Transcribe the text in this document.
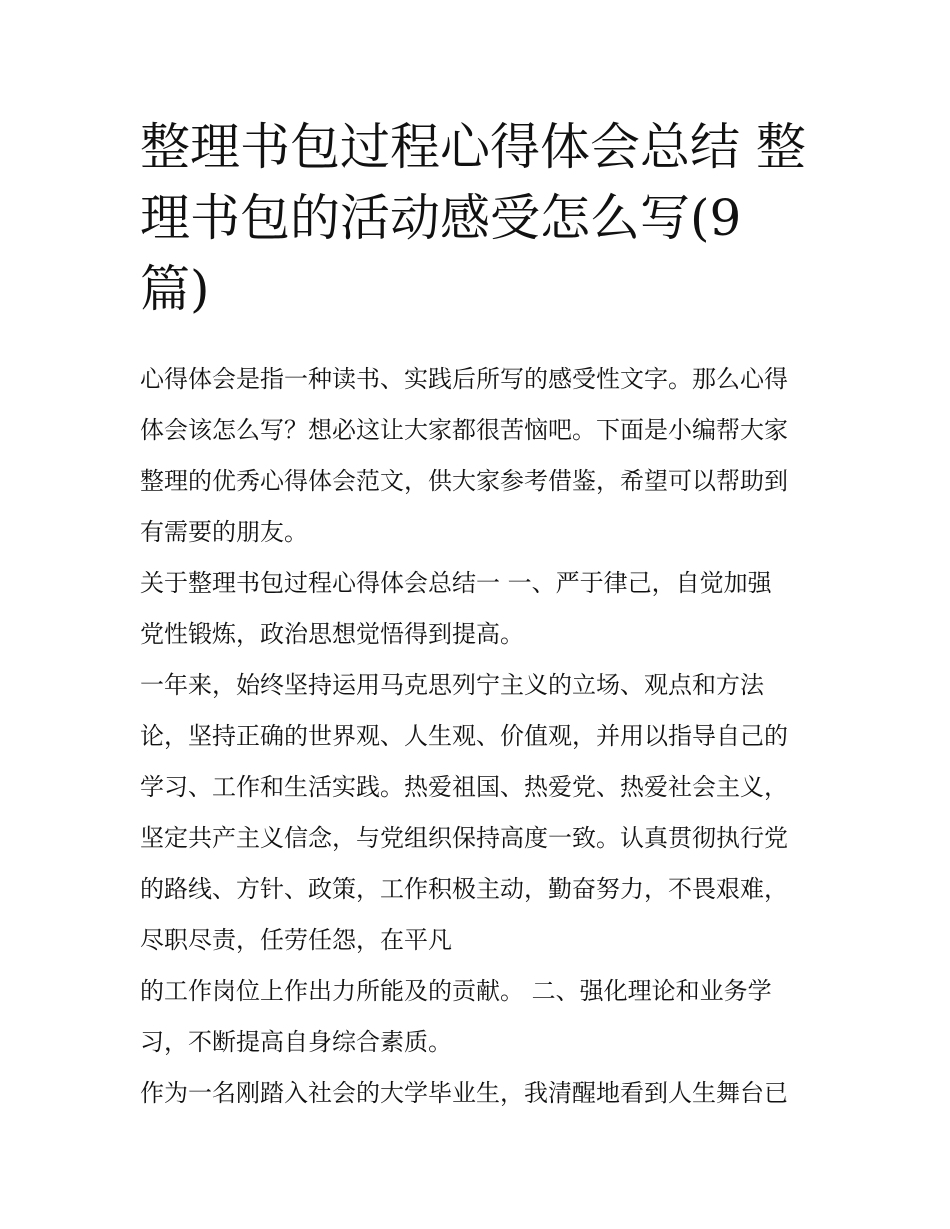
整理书包过程心得体会总结 整
理书包的活动感受怎么写(9
篇)
心得体会是指一种读书、实践后所写的感受性文字。那么心得
体会该怎么写？想必这让大家都很苦恼吧。下面是小编帮大家
整理的优秀心得体会范文，供大家参考借鉴，希望可以帮助到
有需要的朋友。
关于整理书包过程心得体会总结一 一、严于律己，自觉加强
党性锻炼，政治思想觉悟得到提高。
一年来，始终坚持运用马克思列宁主义的立场、观点和方法
论，坚持正确的世界观、人生观、价值观，并用以指导自己的
学习、工作和生活实践。热爱祖国、热爱党、热爱社会主义，
坚定共产主义信念，与党组织保持高度一致。认真贯彻执行党
的路线、方针、政策，工作积极主动，勤奋努力，不畏艰难，
尽职尽责，任劳任怨，在平凡
的工作岗位上作出力所能及的贡献。 二、强化理论和业务学
习，不断提高自身综合素质。
作为一名刚踏入社会的大学毕业生，我清醒地看到人生舞台已
